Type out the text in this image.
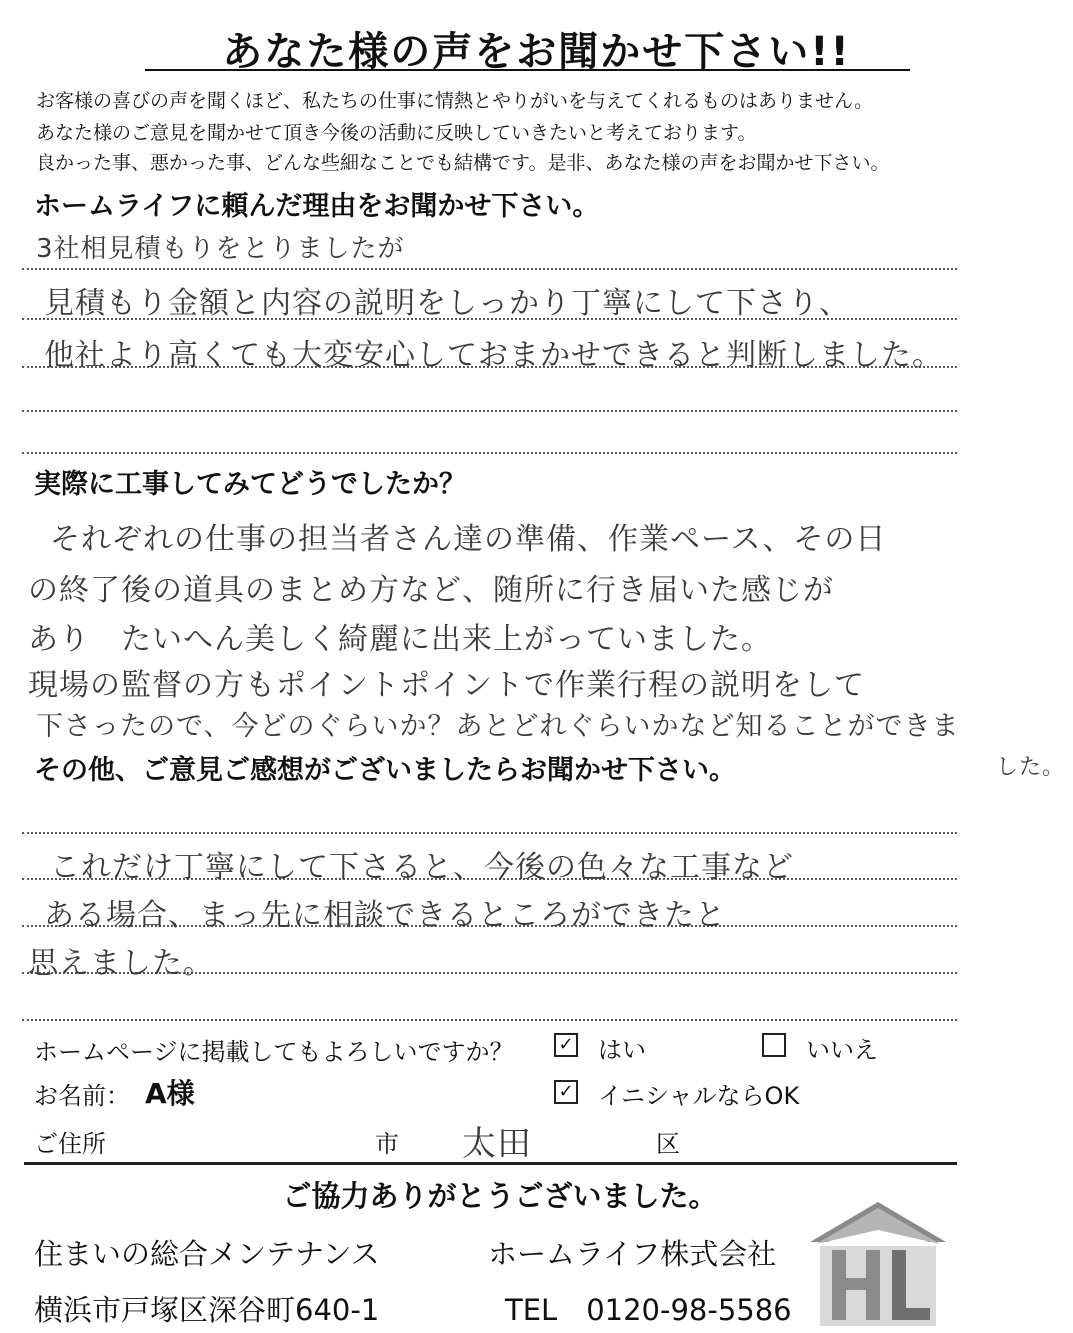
あなた様の声をお聞かせ下さい!!
お客様の喜びの声を聞くほど、私たちの仕事に情熱とやりがいを与えてくれるものはありません。
あなた様のご意見を聞かせて頂き今後の活動に反映していきたいと考えております。
良かった事、悪かった事、どんな些細なことでも結構です。是非、あなた様の声をお聞かせ下さい。
ホームライフに頼んだ理由をお聞かせ下さい。
3社相見積もりをとりましたが
見積もり金額と内容の説明をしっかり丁寧にして下さり、
他社より高くても大変安心しておまかせできると判断しました。
実際に工事してみてどうでしたか？
それぞれの仕事の担当者さん達の準備、作業ペース、その日
の終了後の道具のまとめ方など、随所に行き届いた感じが
あり　たいへん美しく綺麗に出来上がっていました。
現場の監督の方もポイントポイントで作業行程の説明をして
下さったので、今どのぐらいか？あとどれぐらいかなど知ることができま
した。
その他、ご意見ご感想がございましたらお聞かせ下さい。
これだけ丁寧にして下さると、今後の色々な工事など
ある場合、まっ先に相談できるところができたと
思えました。
ホームページに掲載してもよろしいですか？ ✓ はい	いいえ
お名前： A様	✓ イニシャルならOK
ご住所	市 太田	区
ご協力ありがとうございました。
住まいの総合メンテナンス	ホームライフ株式会社
横浜市戸塚区深谷町640-1	TEL　0120-98-5586
